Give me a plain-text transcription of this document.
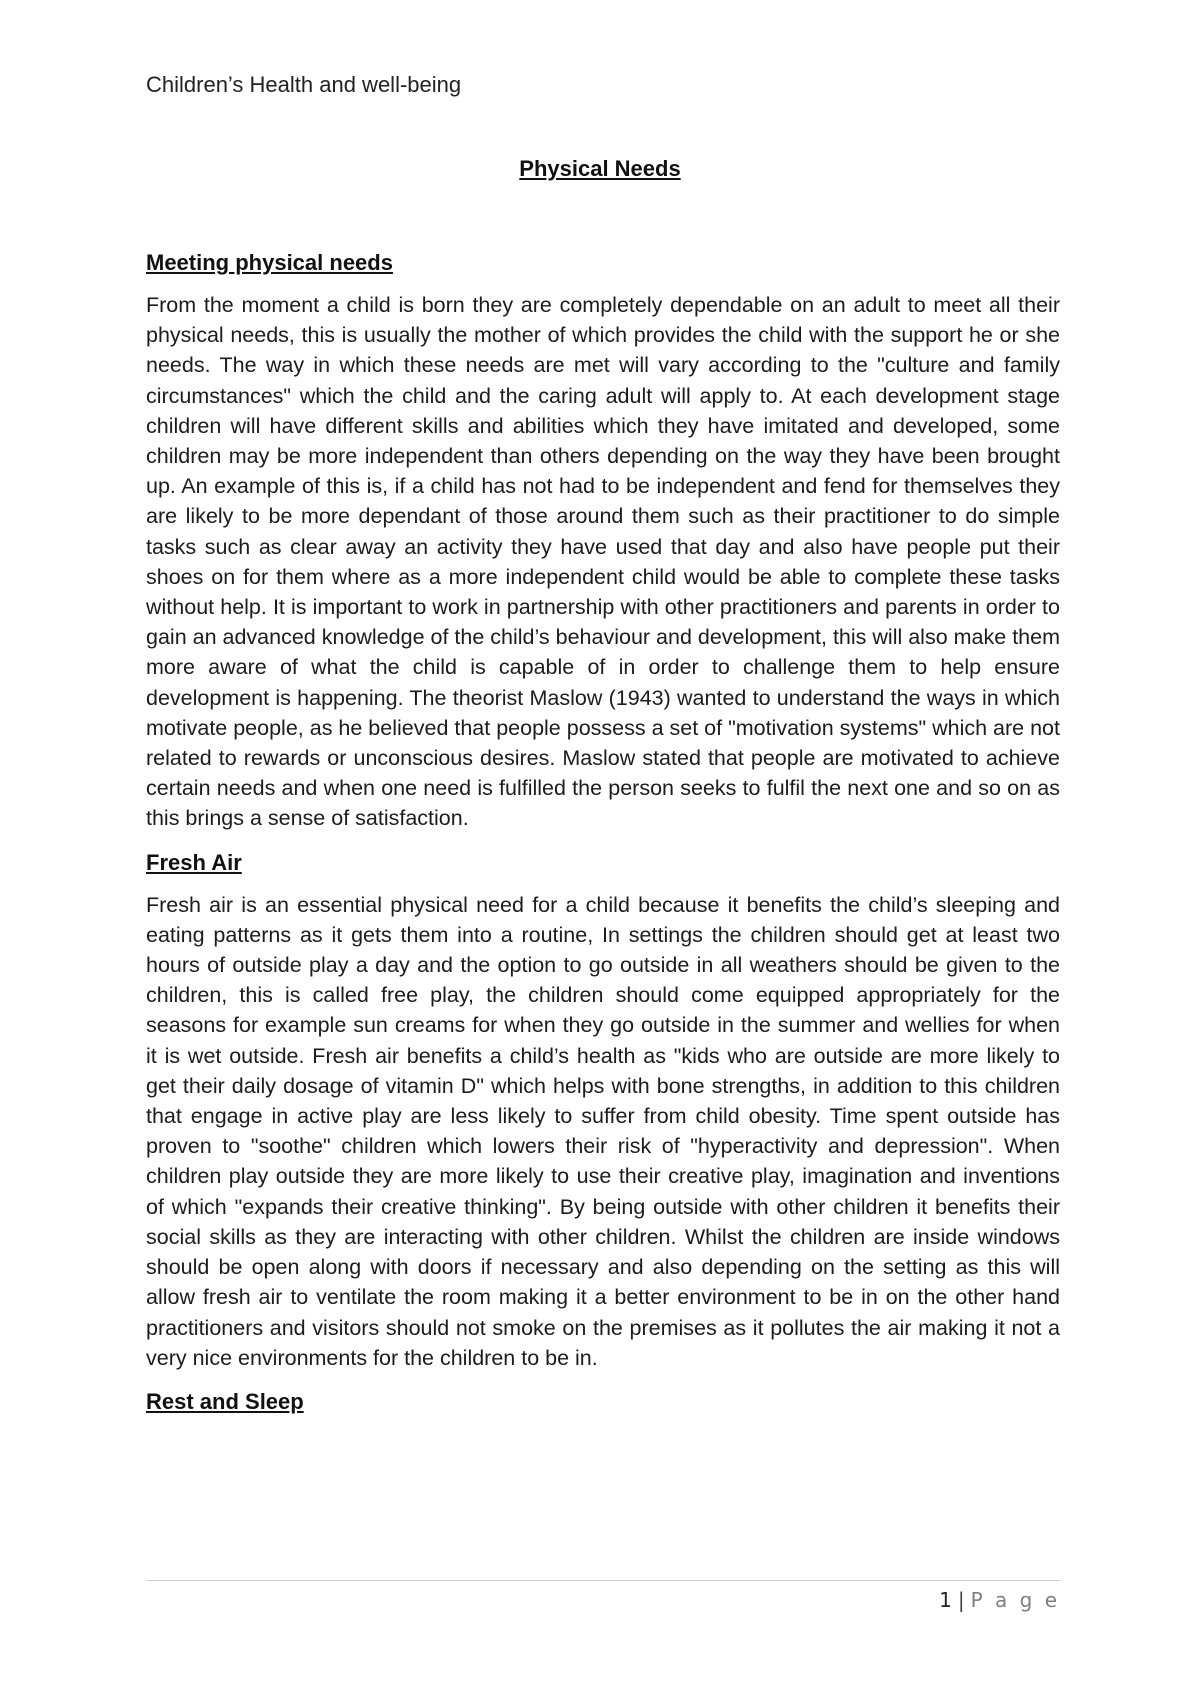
Children’s Health and well-being
Physical Needs
Meeting physical needs

From the moment a child is born they are completely dependable on an adult to meet all their physical needs, this is usually the mother of which provides the child with the support he or she needs. The way in which these needs are met will vary according to the "culture and family circumstances" which the child and the caring adult will apply to. At each development stage children will have different skills and abilities which they have imitated and developed, some children may be more independent than others depending on the way they have been brought up. An example of this is, if a child has not had to be independent and fend for themselves they are likely to be more dependant of those around them such as their practitioner to do simple tasks such as clear away an activity they have used that day and also have people put their shoes on for them where as a more independent child would be able to complete these tasks without help. It is important to work in partnership with other practitioners and parents in order to gain an advanced knowledge of the child’s behaviour and development, this will also make them more aware of what the child is capable of in order to challenge them to help ensure development is happening. The theorist Maslow (1943) wanted to understand the ways in which motivate people, as he believed that people possess a set of "motivation systems" which are not related to rewards or unconscious desires. Maslow stated that people are motivated to achieve certain needs and when one need is fulfilled the person seeks to fulfil the next one and so on as this brings a sense of satisfaction.

Fresh Air

Fresh air is an essential physical need for a child because it benefits the child’s sleeping and eating patterns as it gets them into a routine, In settings the children should get at least two hours of outside play a day and the option to go outside in all weathers should be given to the children, this is called free play, the children should come equipped appropriately for the seasons for example sun creams for when they go outside in the summer and wellies for when it is wet outside. Fresh air benefits a child’s health as "kids who are outside are more likely to get their daily dosage of vitamin D" which helps with bone strengths, in addition to this children that engage in active play are less likely to suffer from child obesity. Time spent outside has proven to "soothe" children which lowers their risk of "hyperactivity and depression". When children play outside they are more likely to use their creative play, imagination and inventions of which "expands their creative thinking". By being outside with other children it benefits their social skills as they are interacting with other children. Whilst the children are inside windows should be open along with doors if necessary and also depending on the setting as this will allow fresh air to ventilate the room making it a better environment to be in on the other hand practitioners and visitors should not smoke on the premises as it pollutes the air making it not a very nice environments for the children to be in.

Rest and Sleep
1 | P a g e
